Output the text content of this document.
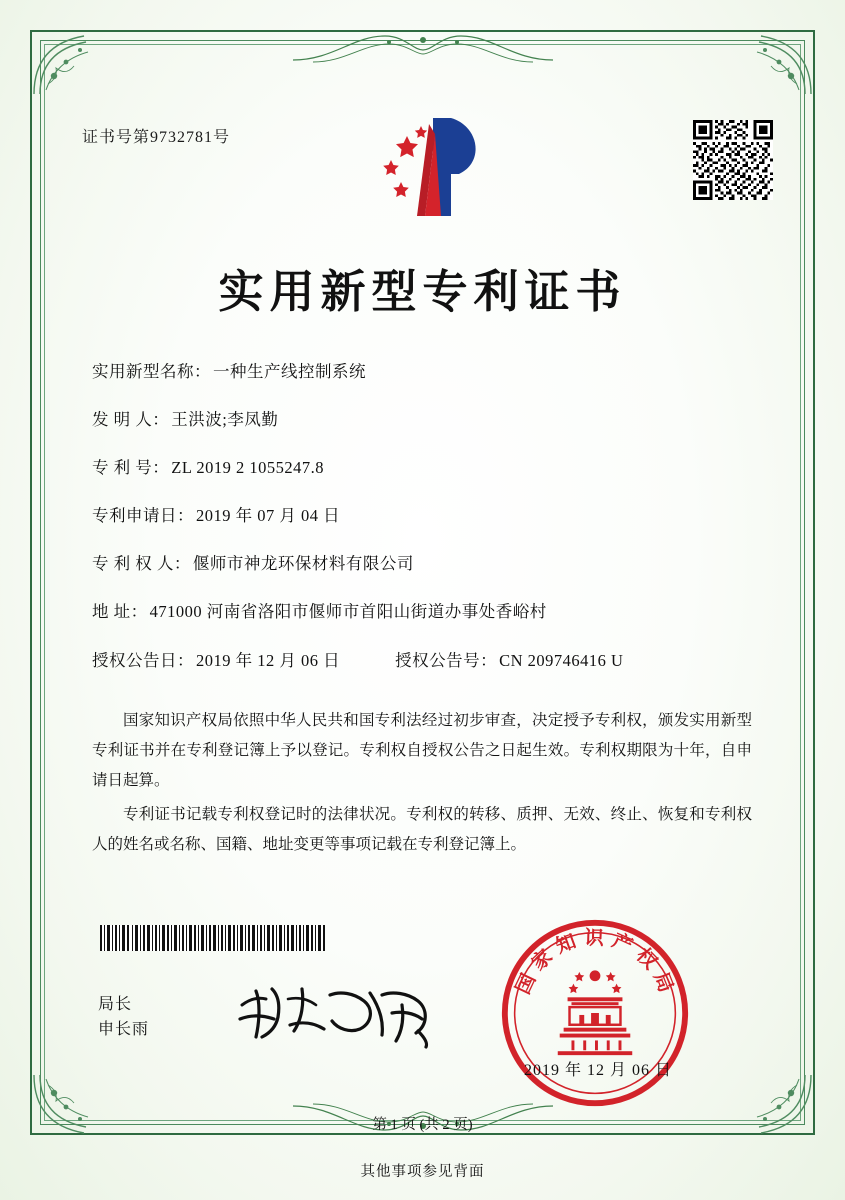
证书号第9732781号
实用新型专利证书
实用新型名称： 一种生产线控制系统
发 明 人： 王洪波;李凤勤
专 利 号： ZL 2019 2 1055247.8
专利申请日： 2019 年 07 月 04 日
专 利 权 人： 偃师市神龙环保材料有限公司
地 址： 471000 河南省洛阳市偃师市首阳山街道办事处香峪村
授权公告日： 2019 年 12 月 06 日	授权公告号： CN 209746416 U

国家知识产权局依照中华人民共和国专利法经过初步审查，决定授予专利权，颁发实用新型专利证书并在专利登记簿上予以登记。专利权自授权公告之日起生效。专利权期限为十年，自申请日起算。

专利证书记载专利权登记时的法律状况。专利权的转移、质押、无效、终止、恢复和专利权人的姓名或名称、国籍、地址变更等事项记载在专利登记簿上。

局长
申长雨
国家知识产权局
2019 年 12 月 06 日
第 1 页 (共 2 页)
其他事项参见背面
